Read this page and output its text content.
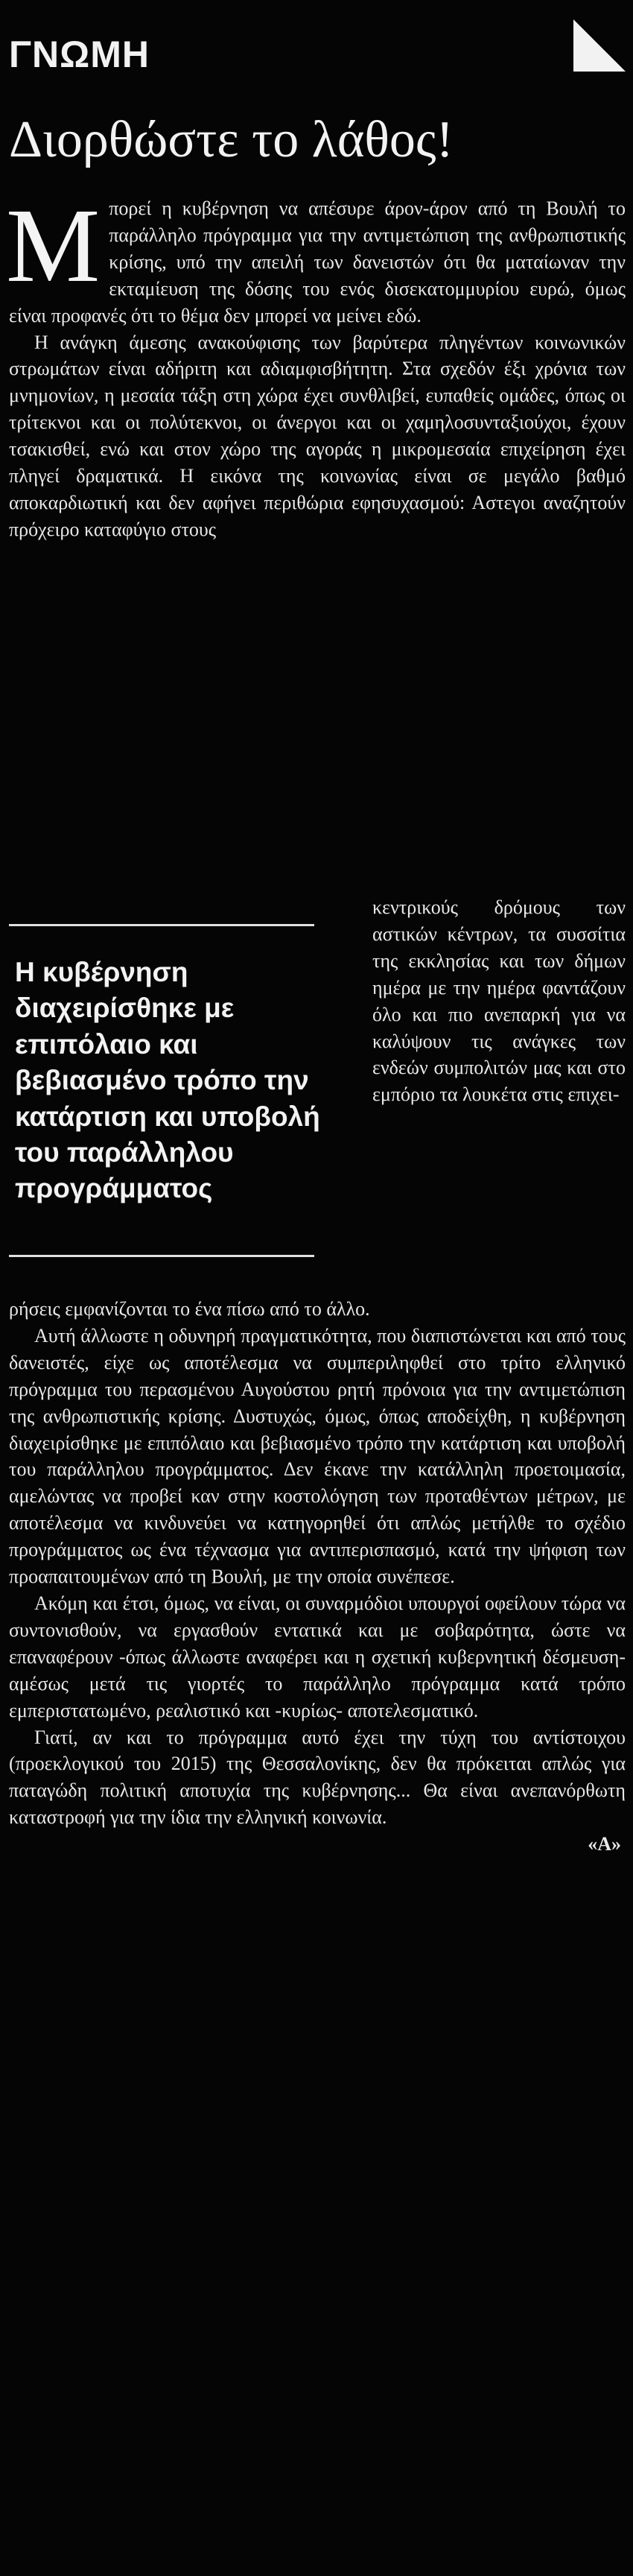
ΓΝΩΜΗ
Διορθώστε το λάθος!

Μπορεί η κυβέρνηση να απέσυρε άρον-άρον από τη Βουλή το παράλληλο πρόγραμμα για την αντιμετώπιση της ανθρωπιστικής κρίσης, υπό την απειλή των δανειστών ότι θα ματαίωναν την εκταμίευση της δόσης του ενός δισεκατομμυρίου ευρώ, όμως είναι προφανές ότι το θέμα δεν μπορεί να μείνει εδώ.

Η ανάγκη άμεσης ανακούφισης των βαρύτερα πληγέντων κοινωνικών στρωμάτων είναι αδήριτη και αδιαμφισβήτητη. Στα σχεδόν έξι χρόνια των μνημονίων, η μεσαία τάξη στη χώρα έχει συνθλιβεί, ευπαθείς ομάδες, όπως οι τρίτεκνοι και οι πολύτεκνοι, οι άνεργοι και οι χαμηλοσυνταξιούχοι, έχουν τσακισθεί, ενώ και στον χώρο της αγοράς η μικρομεσαία επιχείρηση έχει πληγεί δραματικά. Η εικόνα της κοινωνίας είναι σε μεγάλο βαθμό αποκαρδιωτική και δεν αφήνει περιθώρια εφησυχασμού: Αστεγοι αναζητούν πρόχειρο καταφύγιο στους

Η κυβέρνηση διαχειρίσθηκε με επιπόλαιο και βεβιασμένο τρόπο την κατάρτιση και υποβολή του παράλληλου προγράμματος

κεντρικούς δρόμους των αστικών κέντρων, τα συσσίτια της εκκλησίας και των δήμων ημέρα με την ημέρα φαντάζουν όλο και πιο ανεπαρκή για να καλύψουν τις ανάγκες των ενδεών συμπολιτών μας και στο εμπόριο τα λουκέτα στις επιχει-

ρήσεις εμφανίζονται το ένα πίσω από το άλλο.

Αυτή άλλωστε η οδυνηρή πραγματικότητα, που διαπιστώνεται και από τους δανειστές, είχε ως αποτέλεσμα να συμπεριληφθεί στο τρίτο ελληνικό πρόγραμμα του περασμένου Αυγούστου ρητή πρόνοια για την αντιμετώπιση της ανθρωπιστικής κρίσης. Δυστυχώς, όμως, όπως αποδείχθη, η κυβέρνηση διαχειρίσθηκε με επιπόλαιο και βεβιασμένο τρόπο την κατάρτιση και υποβολή του παράλληλου προγράμματος. Δεν έκανε την κατάλληλη προετοιμασία, αμελώντας να προβεί καν στην κοστολόγηση των προταθέντων μέτρων, με αποτέλεσμα να κινδυνεύει να κατηγορηθεί ότι απλώς μετήλθε το σχέδιο προγράμματος ως ένα τέχνασμα για αντιπερισπασμό, κατά την ψήφιση των προαπαιτουμένων από τη Βουλή, με την οποία συνέπεσε.

Ακόμη και έτσι, όμως, να είναι, οι συναρμόδιοι υπουργοί οφείλουν τώρα να συντονισθούν, να εργασθούν εντατικά και με σοβαρότητα, ώστε να επαναφέρουν -όπως άλλωστε αναφέρει και η σχετική κυβερνητική δέσμευση- αμέσως μετά τις γιορτές το παράλληλο πρόγραμμα κατά τρόπο εμπεριστατωμένο, ρεαλιστικό και -κυρίως- αποτελεσματικό.

Γιατί, αν και το πρόγραμμα αυτό έχει την τύχη του αντίστοιχου (προεκλογικού του 2015) της Θεσσαλονίκης, δεν θα πρόκειται απλώς για παταγώδη πολιτική αποτυχία της κυβέρνησης... Θα είναι ανεπανόρθωτη καταστροφή για την ίδια την ελληνική κοινωνία.

«Α»
